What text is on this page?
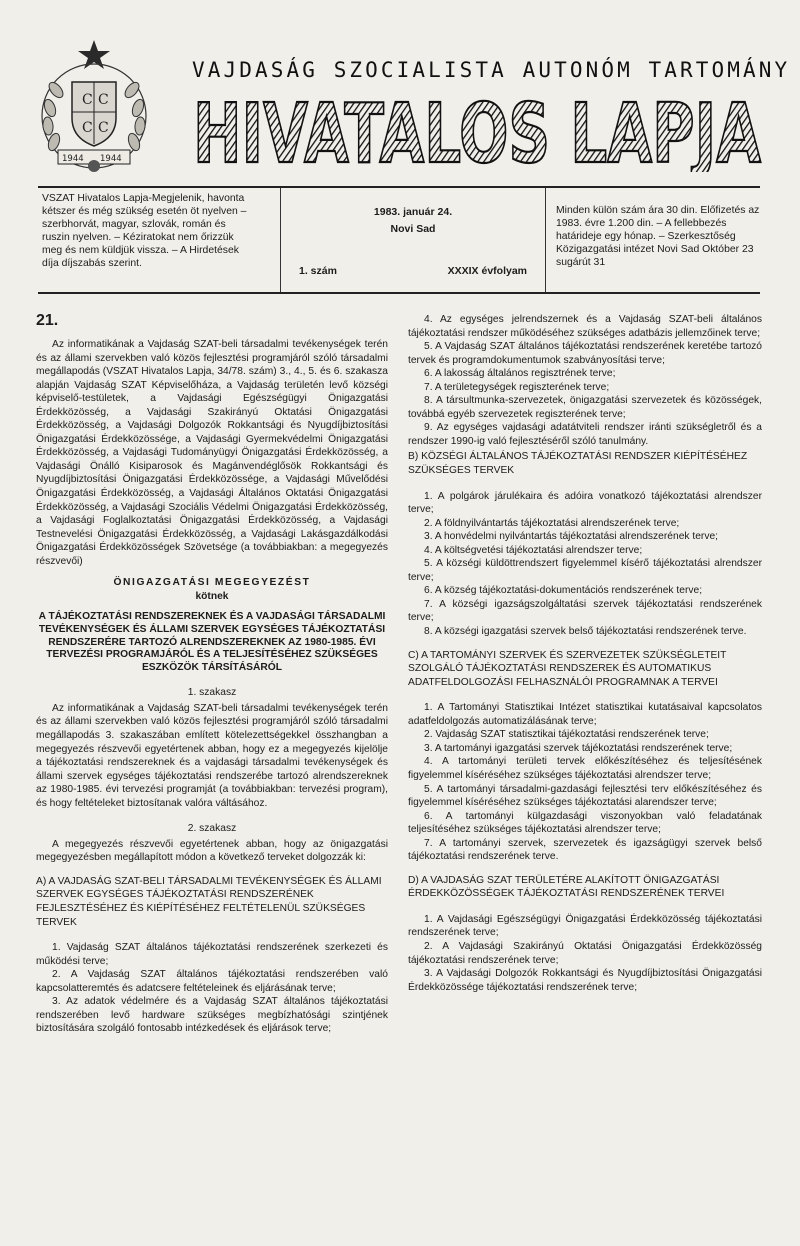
C C
C C
1944 1944
VAJDASÁG SZOCIALISTA AUTONÓM TARTOMÁNY
HIVATALOS LAPJA
VSZAT Hivatalos Lapja-Megjelenik, havonta kétszer és még szükség esetén öt nyelven – szerbhorvát, magyar, szlovák, román és ruszin nyelven. – Kéziratokat nem őrizzük meg és nem küldjük vissza. – A Hirdetések díja díjszabás szerint.
1983. január 24.
Novi Sad
1. szám	XXXIX évfolyam
Minden külön szám ára 30 din. Előfizetés az 1983. évre 1.200 din. – A fellebbezés határideje egy hónap. – Szerkesztőség Közigazgatási intézet Novi Sad Október 23 sugárút 31
21.

Az informatikának a Vajdaság SZAT-beli társadalmi tevékenységek terén és az állami szervekben való közös fejlesztési programjáról szóló társadalmi megállapodás (VSZAT Hivatalos Lapja, 34/78. szám) 3., 4., 5. és 6. szakasza alapján Vajdaság SZAT Képviselőháza, a Vajdaság területén levő községi képviselő-testületek, a Vajdasági Egészségügyi Önigazgatási Érdekközösség, a Vajdasági Szakirányú Oktatási Önigazgatási Érdekközösség, a Vajdasági Dolgozók Rokkantsági és Nyugdíjbiztosítási Önigazgatási Érdekközössége, a Vajdasági Gyermekvédelmi Önigazgatási Érdekközösség, a Vajdasági Tudományügyi Önigazgatási Érdekközösség, a Vajdasági Önálló Kisiparosok és Magánvendéglősök Rokkantsági és Nyugdíjbiztosítási Önigazgatási Érdekközössége, a Vajdasági Művelődési Önigazgatási Érdekközösség, a Vajdasági Általános Oktatási Önigazgatási Érdekközösség, a Vajdasági Szociális Védelmi Önigazgatási Érdekközösség, a Vajdasági Foglalkoztatási Önigazgatási Érdekközösség, a Vajdasági Testnevelési Önigazgatási Érdekközösség, a Vajdasági Lakásgazdálkodási Önigazgatási Érdekközösségek Szövetsége (a továbbiakban: a megegyezés részvevői)

ÖNIGAZGATÁSI MEGEGYEZÉST

kötnek

A TÁJÉKOZTATÁSI RENDSZEREKNEK ÉS A VAJDASÁGI TÁRSADALMI TEVÉKENYSÉGEK ÉS ÁLLAMI SZERVEK EGYSÉGES TÁJÉKOZTATÁSI RENDSZERÉRE TARTOZÓ ALRENDSZEREKNEK AZ 1980-1985. ÉVI TERVEZÉSI PROGRAMJÁRÓL ÉS A TELJESÍTÉSÉHEZ SZÜKSÉGES ESZKÖZÖK TÁRSÍTÁSÁRÓL

1. szakasz

Az informatikának a Vajdaság SZAT-beli társadalmi tevékenységek terén és az állami szervekben való közös fejlesztési programjáról szóló társadalmi megállapodás 3. szakaszában említett kötelezettségekkel összhangban a megegyezés részvevői egyetértenek abban, hogy ez a megegyezés kijelölje a tájékoztatási rendszereknek és a vajdasági társadalmi tevékenységek és állami szervek egységes tájékoztatási rendszerébe tartozó alrendszereknek az 1980-1985. évi tervezési programját (a továbbiakban: tervezési program), és hogy feltételeket biztosítanak valóra váltásához.

2. szakasz

A megegyezés részvevői egyetértenek abban, hogy az önigazgatási megegyezésben megállapított módon a következő terveket dolgozzák ki:

A) A VAJDASÁG SZAT-BELI TÁRSADALMI TEVÉKENYSÉGEK ÉS ÁLLAMI SZERVEK EGYSÉGES TÁJÉKOZTATÁSI RENDSZERÉNEK FEJLESZTÉSÉHEZ ÉS KIÉPÍTÉSÉHEZ FELTÉTELENÜL SZÜKSÉGES TERVEK

1. Vajdaság SZAT általános tájékoztatási rendszerének szerkezeti és működési terve;

2. A Vajdaság SZAT általános tájékoztatási rendszerében való kapcsolatteremtés és adatcsere feltételeinek és eljárásának terve;

3. Az adatok védelmére és a Vajdaság SZAT általános tájékoztatási rendszerében levő hardware szükséges megbízhatósági szintjének biztosítására szolgáló fontosabb intézkedések és eljárások terve;

4. Az egységes jelrendszernek és a Vajdaság SZAT-beli általános tájékoztatási rendszer működéséhez szükséges adatbázis jellemzőinek terve;

5. A Vajdaság SZAT általános tájékoztatási rendszerének keretébe tartozó tervek és programdokumentumok szabványosítási terve;

6. A lakosság általános regisztrének terve;

7. A területegységek regiszterének terve;

8. A társultmunka-szervezetek, önigazgatási szervezetek és közösségek, továbbá egyéb szervezetek regiszterének terve;

9. Az egységes vajdasági adatátviteli rendszer iránti szükségletről és a rendszer 1990-ig való fejlesztéséről szóló tanulmány.

B) KÖZSÉGI ÁLTALÁNOS TÁJÉKOZTATÁSI RENDSZER KIÉPÍTÉSÉHEZ SZÜKSÉGES TERVEK

1. A polgárok járulékaira és adóira vonatkozó tájékoztatási alrendszer terve;

2. A földnyilvántartás tájékoztatási alrendszerének terve;

3. A honvédelmi nyilvántartás tájékoztatási alrendszerének terve;

4. A költségvetési tájékoztatási alrendszer terve;

5. A községi küldöttrendszert figyelemmel kísérő tájékoztatási alrendszer terve;

6. A község tájékoztatási-dokumentációs rendszerének terve;

7. A községi igazságszolgáltatási szervek tájékoztatási rendszerének terve;

8. A községi igazgatási szervek belső tájékoztatási rendszerének terve.

C) A TARTOMÁNYI SZERVEK ÉS SZERVEZETEK SZÜKSÉGLETEIT SZOLGÁLÓ TÁJÉKOZTATÁSI RENDSZEREK ÉS AUTOMATIKUS ADATFELDOLGOZÁSI FELHASZNÁLÓI PROGRAMNAK A TERVEI

1. A Tartományi Statisztikai Intézet statisztikai kutatásaival kapcsolatos adatfeldolgozás automatizálásának terve;

2. Vajdaság SZAT statisztikai tájékoztatási rendszerének terve;

3. A tartományi igazgatási szervek tájékoztatási rendszerének terve;

4. A tartományi területi tervek előkészítéséhez és teljesítésének figyelemmel kíséréséhez szükséges tájékoztatási alrendszer terve;

5. A tartományi társadalmi-gazdasági fejlesztési terv előkészítéséhez és figyelemmel kíséréséhez szükséges tájékoztatási alarendszer terve;

6. A tartományi külgazdasági viszonyokban való feladatának teljesítéséhez szükséges tájékoztatási alrendszer terve;

7. A tartományi szervek, szervezetek és igazságügyi szervek belső tájékoztatási rendszerének terve.

D) A VAJDASÁG SZAT TERÜLETÉRE ALAKÍTOTT ÖNIGAZGATÁSI ÉRDEKKÖZÖSSÉGEK TÁJÉKOZTATÁSI RENDSZERÉNEK TERVEI

1. A Vajdasági Egészségügyi Önigazgatási Érdekközösség tájékoztatási rendszerének terve;

2. A Vajdasági Szakirányú Oktatási Önigazgatási Érdekközösség tájékoztatási rendszerének terve;

3. A Vajdasági Dolgozók Rokkantsági és Nyugdíjbiztosítási Önigazgatási Érdekközössége tájékoztatási rendszerének terve;
